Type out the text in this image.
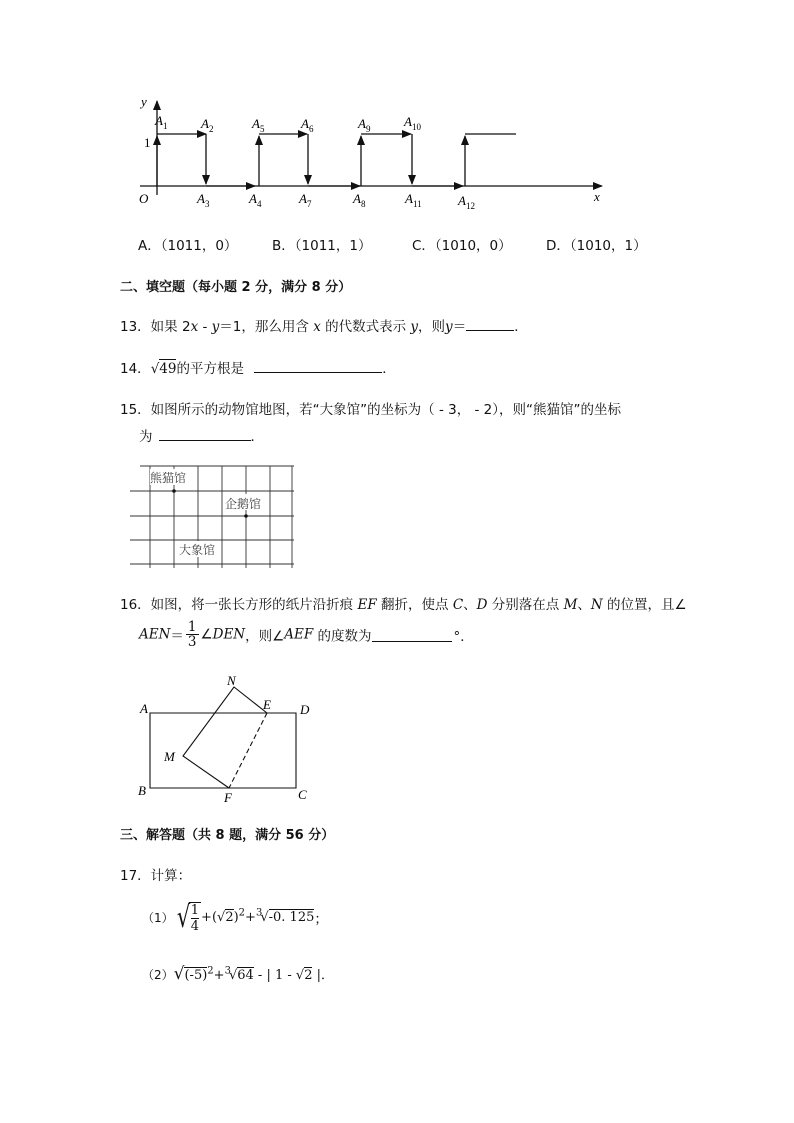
y
x
O
1
$A_1$	$A_2$
$A_3$	$A_4$
$A_5$	$A_6$
$A_7$	$A_8$
$A_9$	$A_{10}$
$A_{11}$	$A_{12}$
A．（1011，0）	B．（1011，1）	C．（1010，0）	D．（1010，1）
二、填空题（每小题 2 分，满分 8 分）
13．如果 2x - y＝1，那么用含 x 的代数式表示 y，则y＝	．
14．√49的平方根是	．
15．如图所示的动物馆地图，若“大象馆”的坐标为（ - 3， - 2），则“熊猫馆”的坐标
为	．
熊猫馆
企鹅馆
大象馆
16．如图，将一张长方形的纸片沿折痕 EF 翻折，使点 C、D 分别落在点 M、N 的位置，且∠
$AEN= \frac{1}{3}$ ∠DEN，则∠AEF 的度数为	°．
A
B	C
D
E
F
M
N
三、解答题（共 8 题，满分 56 分）
17．计算：
（1）√
$\frac{1}{4} +(√2)^2+^3√-0$. 125；
$(2)√(-5)^2+^3√64$ - | 1 - √2 |．
